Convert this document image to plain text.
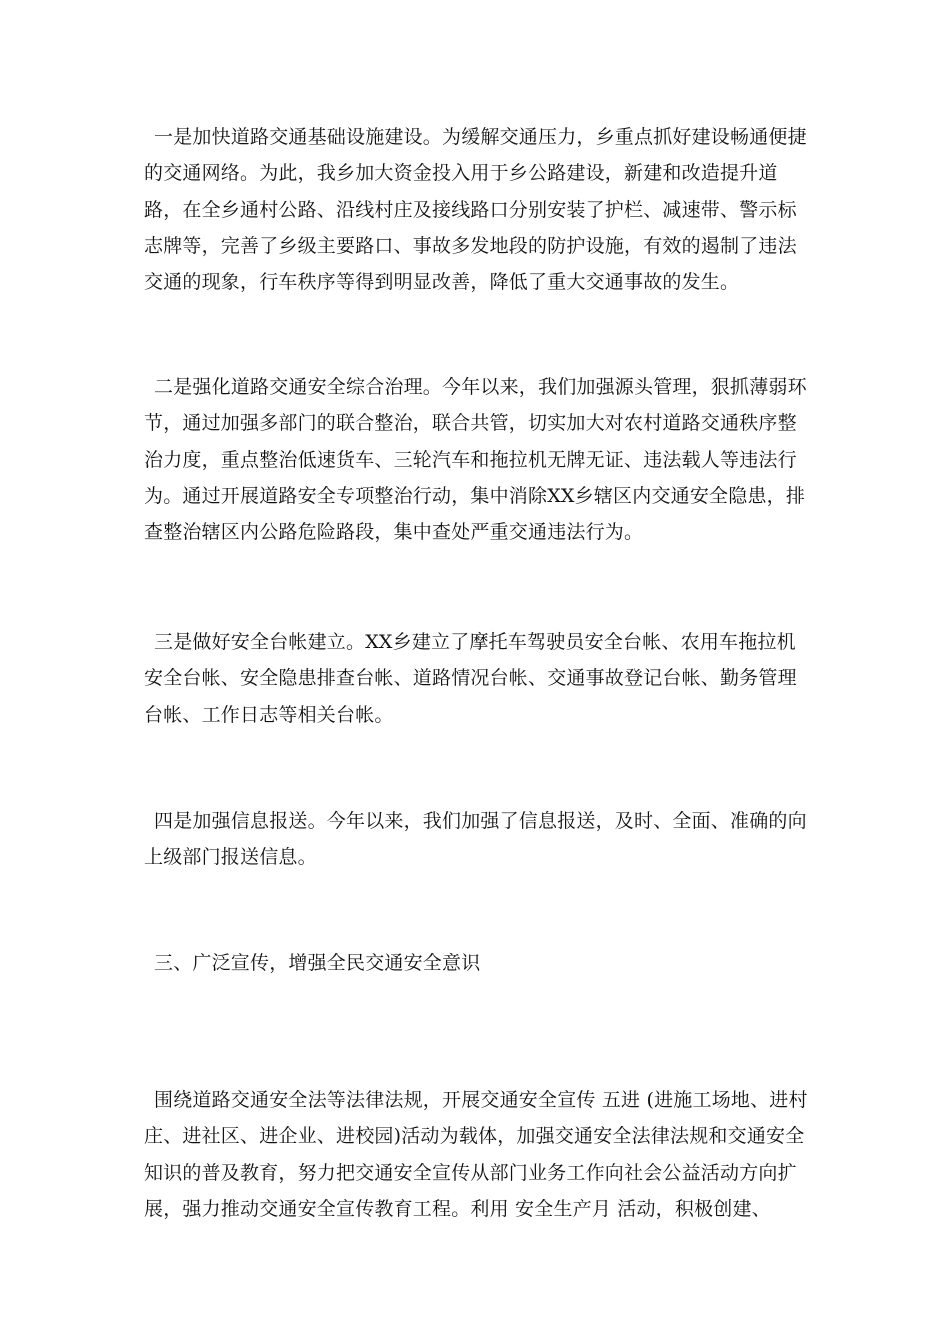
一是加快道路交通基础设施建设。为缓解交通压力，乡重点抓好建设畅通便捷的交通网络。为此，我乡加大资金投入用于乡公路建设，新建和改造提升道路，在全乡通村公路、沿线村庄及接线路口分别安装了护栏、减速带、警示标志牌等，完善了乡级主要路口、事故多发地段的防护设施，有效的遏制了违法交通的现象，行车秩序等得到明显改善，降低了重大交通事故的发生。

二是强化道路交通安全综合治理。今年以来，我们加强源头管理，狠抓薄弱环节，通过加强多部门的联合整治，联合共管，切实加大对农村道路交通秩序整治力度，重点整治低速货车、三轮汽车和拖拉机无牌无证、违法载人等违法行为。通过开展道路安全专项整治行动，集中消除XX乡辖区内交通安全隐患，排查整治辖区内公路危险路段，集中查处严重交通违法行为。

三是做好安全台帐建立。XX乡建立了摩托车驾驶员安全台帐、农用车拖拉机安全台帐、安全隐患排查台帐、道路情况台帐、交通事故登记台帐、勤务管理台帐、工作日志等相关台帐。

四是加强信息报送。今年以来，我们加强了信息报送，及时、全面、准确的向上级部门报送信息。

三、广泛宣传，增强全民交通安全意识

围绕道路交通安全法等法律法规，开展交通安全宣传 五进 (进施工场地、进村庄、进社区、进企业、进校园)活动为载体，加强交通安全法律法规和交通安全知识的普及教育，努力把交通安全宣传从部门业务工作向社会公益活动方向扩展，强力推动交通安全宣传教育工程。利用 安全生产月 活动，积极创建、
